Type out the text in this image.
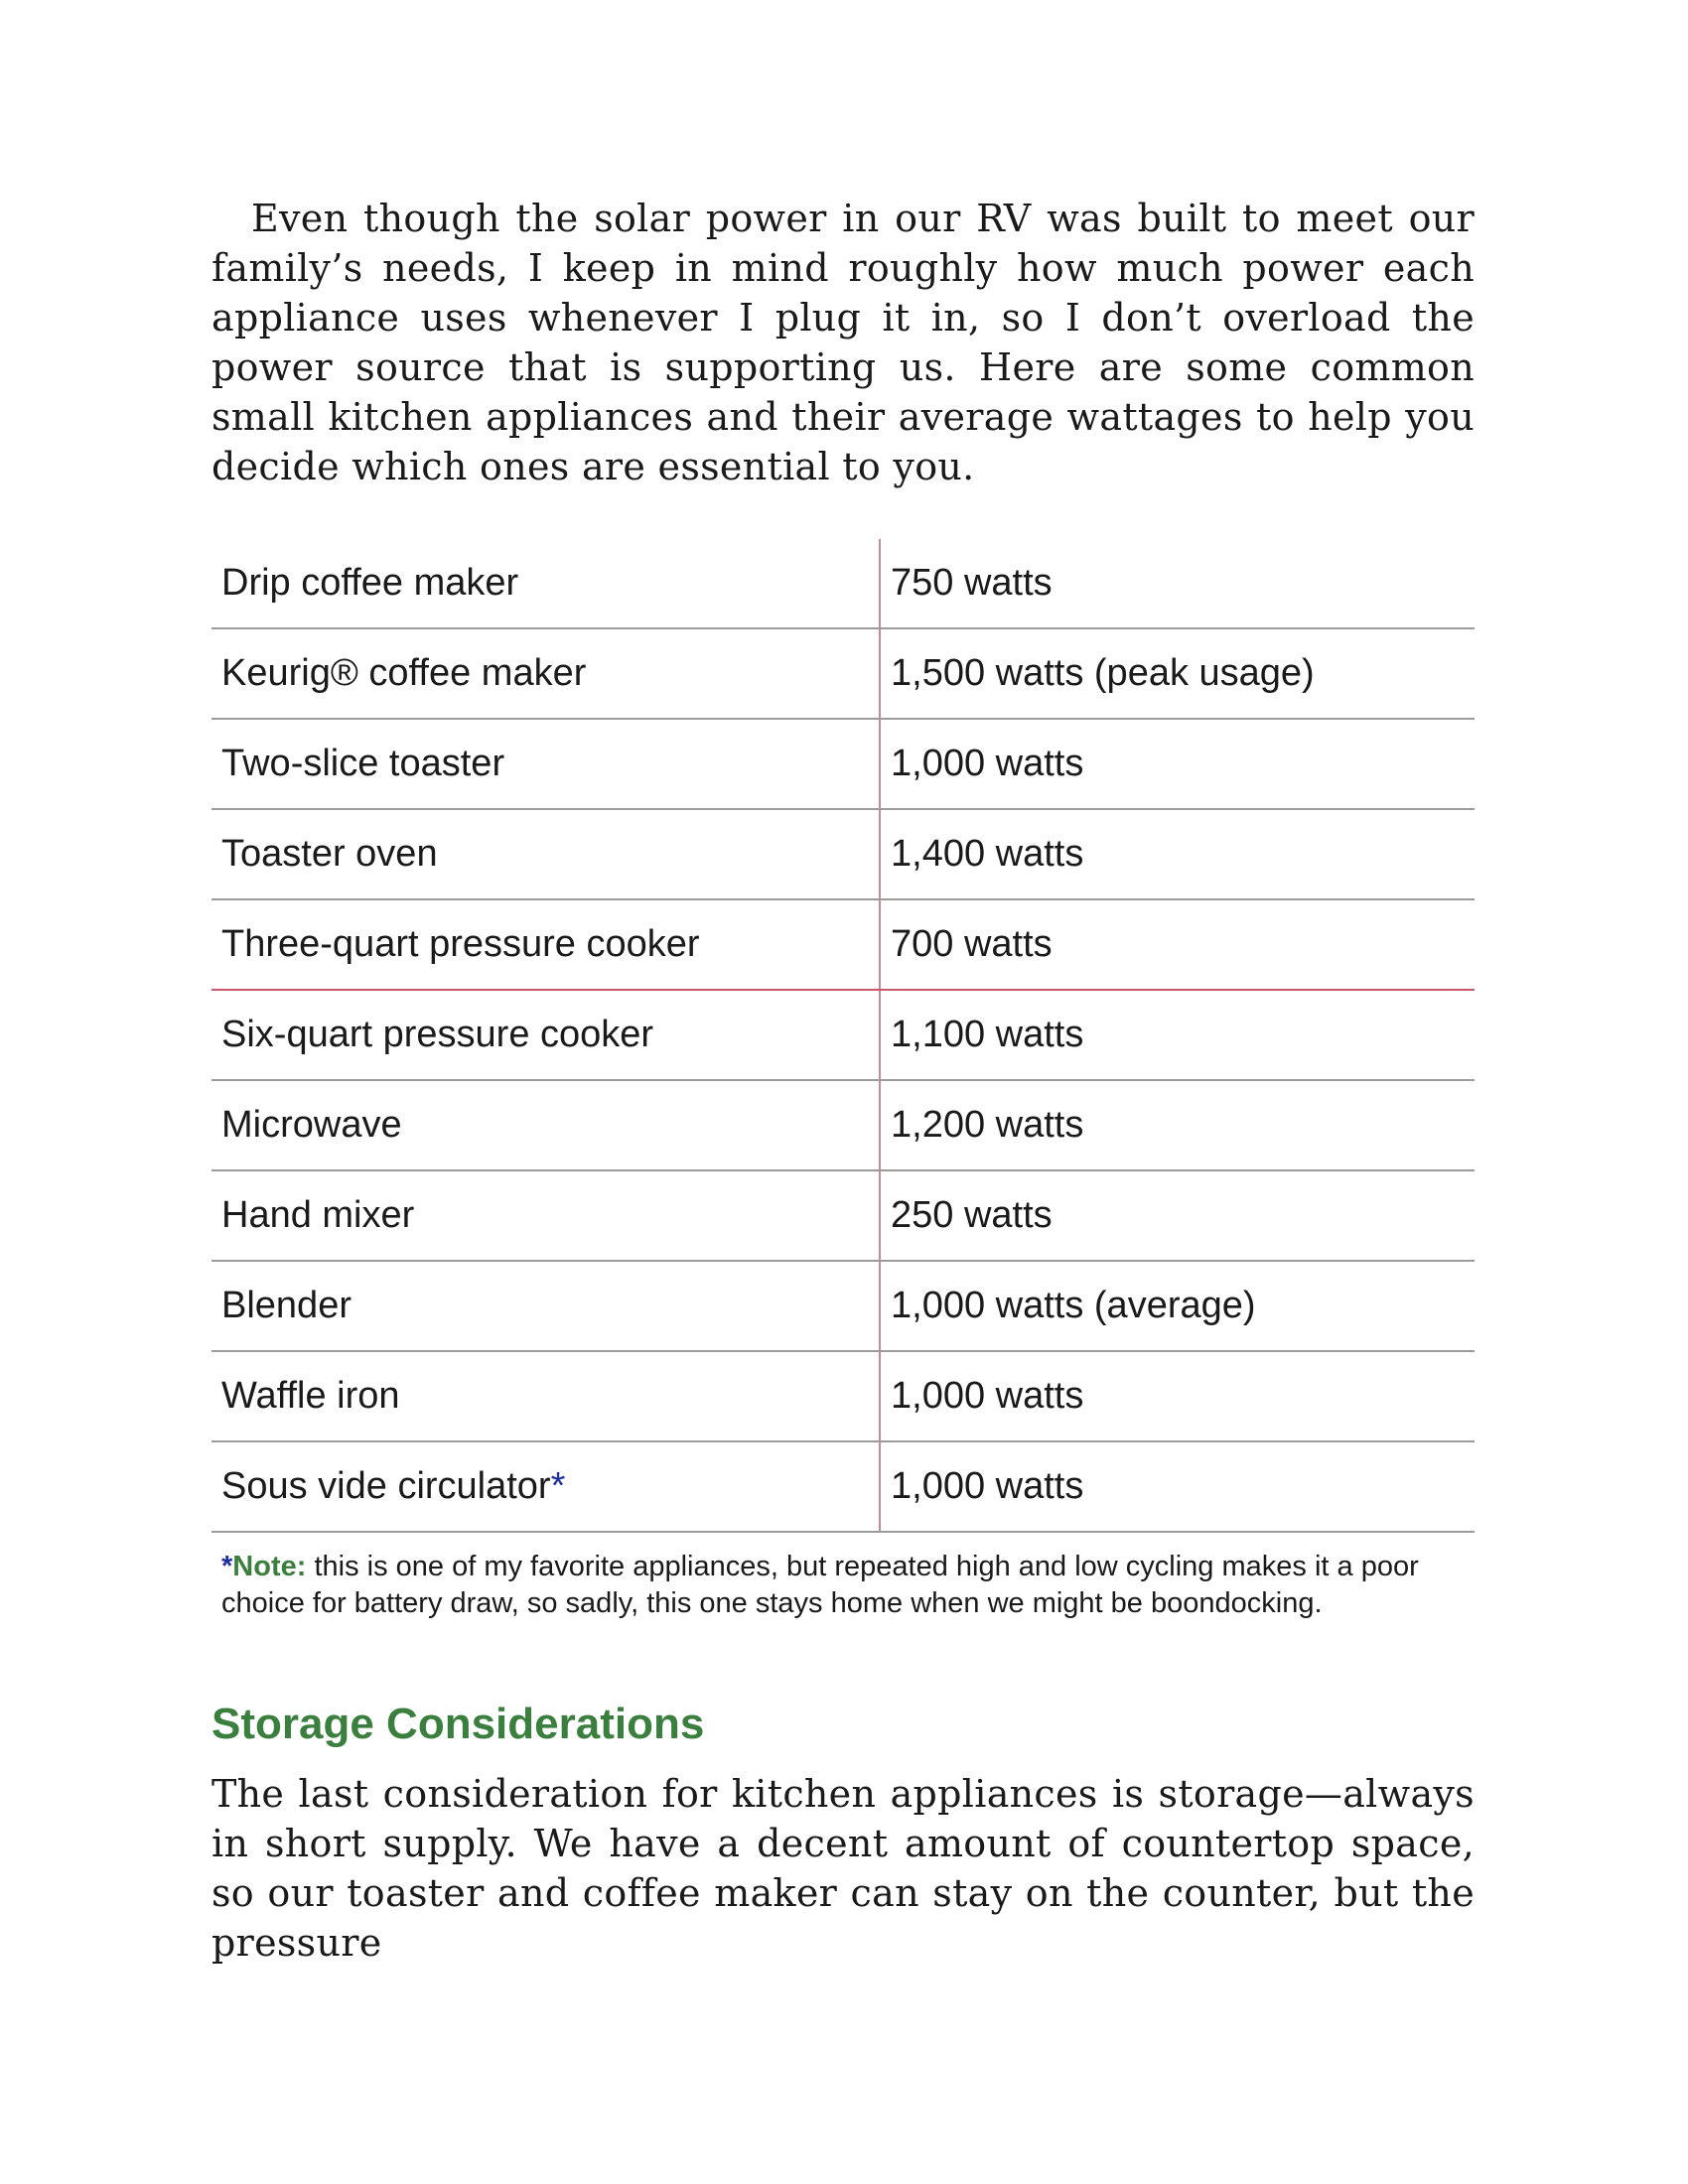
Even though the solar power in our RV was built to meet our family’s needs, I keep in mind roughly how much power each appliance uses whenever I plug it in, so I don’t overload the power source that is supporting us. Here are some common small kitchen appliances and their average wattages to help you decide which ones are essential to you.

Drip coffee maker	750 watts
Keurig® coffee maker	1,500 watts (peak usage)
Two-slice toaster	1,000 watts
Toaster oven	1,400 watts
Three-quart pressure cooker	700 watts
Six-quart pressure cooker	1,100 watts
Microwave	1,200 watts
Hand mixer	250 watts
Blender	1,000 watts (average)
Waffle iron	1,000 watts
Sous vide circulator*	1,000 watts

*Note: this is one of my favorite appliances, but repeated high and low cycling makes it a poor choice for battery draw, so sadly, this one stays home when we might be boondocking.

Storage Considerations

The last consideration for kitchen appliances is storage—always in short supply. We have a decent amount of countertop space, so our toaster and coffee maker can stay on the counter, but the pressure
